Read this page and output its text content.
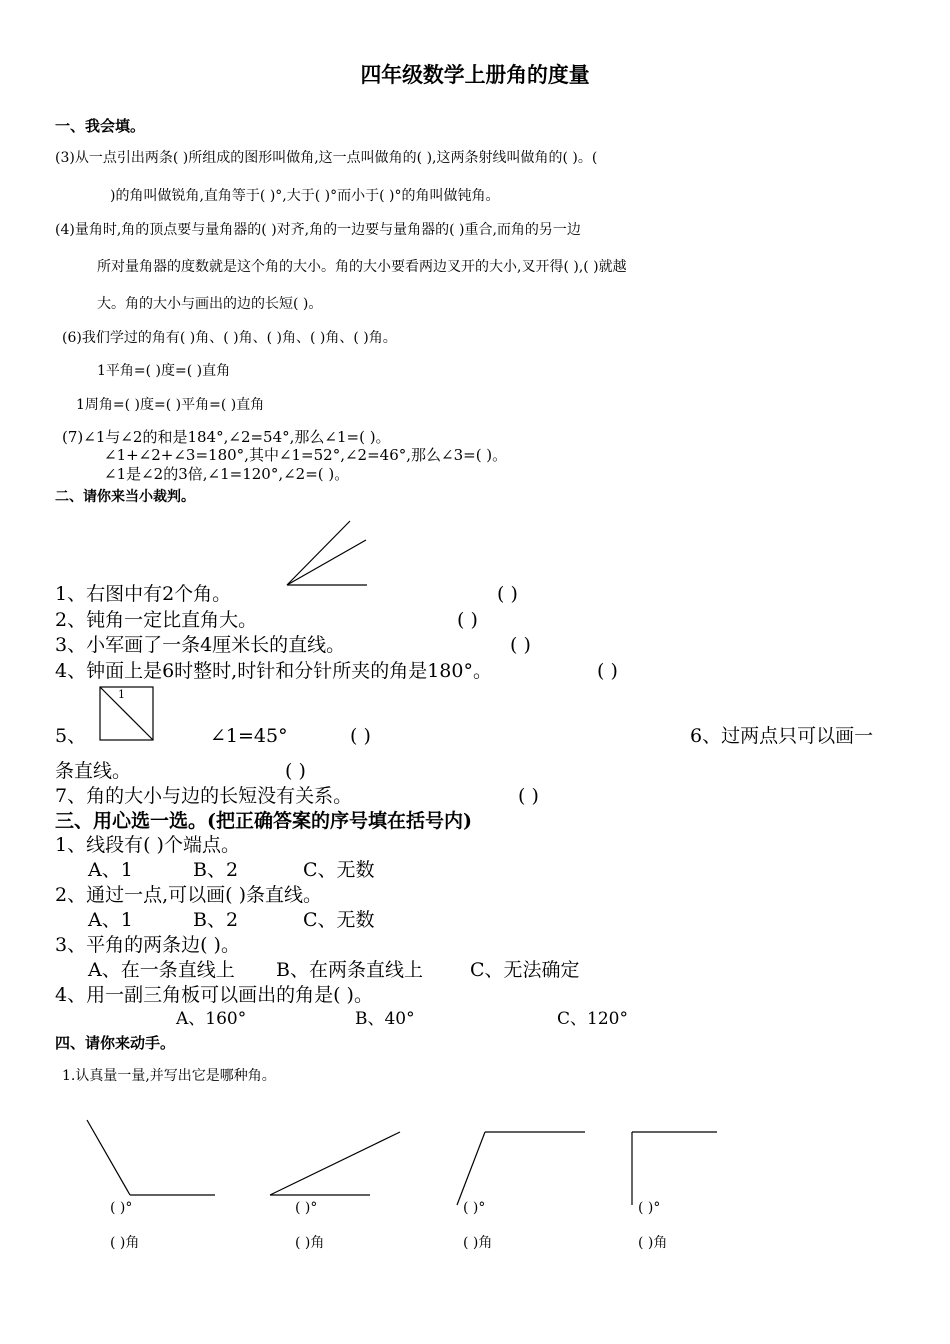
四年级数学上册角的度量
一、我会填。
(3)从一点引出两条( )所组成的图形叫做角,这一点叫做角的( ),这两条射线叫做角的( )。(
)的角叫做锐角,直角等于( )°,大于( )°而小于( )°的角叫做钝角。
(4)量角时,角的顶点要与量角器的( )对齐,角的一边要与量角器的( )重合,而角的另一边
所对量角器的度数就是这个角的大小。角的大小要看两边叉开的大小,叉开得( ),( )就越
大。角的大小与画出的边的长短( )。
(6)我们学过的角有( )角、( )角、( )角、( )角、( )角。
1平角=( )度=( )直角
1周角=( )度=( )平角=( )直角
(7)∠1与∠2的和是184°,∠2=54°,那么∠1=( )。
∠1+∠2+∠3=180°,其中∠1=52°,∠2=46°,那么∠3=( )。
∠1是∠2的3倍,∠1=120°,∠2=( )。
二、请你来当小裁判。
1、右图中有2个角。	( )
2、钝角一定比直角大。	( )
3、小军画了一条4厘米长的直线。	( )
4、钟面上是6时整时,时针和分针所夹的角是180°。	( )
1
5、	∠1=45°	( )	6、过两点只可以画一
条直线。	( )
7、角的大小与边的长短没有关系。	( )
三、用心选一选。(把正确答案的序号填在括号内)
1、线段有( )个端点。
A、1	B、2	C、无数
2、通过一点,可以画( )条直线。
A、1	B、2	C、无数
3、平角的两条边( )。
A、在一条直线上 B、在两条直线上 C、无法确定
4、用一副三角板可以画出的角是( )。
A、160°	B、40°	C、120°
四、请你来动手。
1.认真量一量,并写出它是哪种角。
( )°	( )°	( )°	( )°
( )角	( )角	( )角	( )角
